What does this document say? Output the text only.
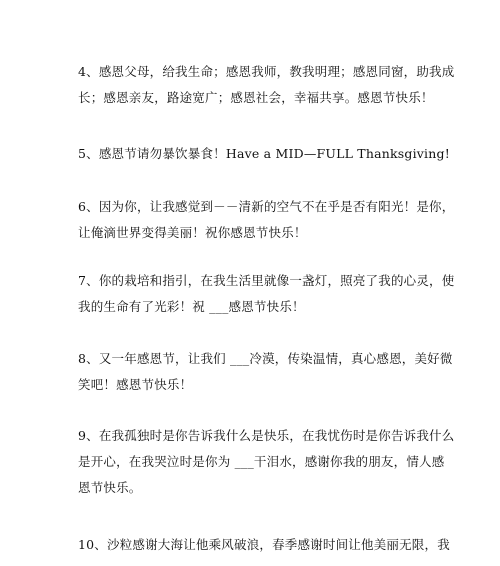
4、感恩父母，给我生命；感恩我师，教我明理；感恩同窗，助我成
长；感恩亲友，路途宽广；感恩社会，幸福共享。感恩节快乐！
5、感恩节请勿暴饮暴食！Have a MID—FULL Thanksgiving!
6、因为你，让我感觉到－－清新的空气不在乎是否有阳光！是你，
让俺滴世界变得美丽！祝你感恩节快乐！
7、你的栽培和指引，在我生活里就像一盏灯，照亮了我的心灵，使
我的生命有了光彩！祝 ___感恩节快乐！
8、又一年感恩节，让我们 ___冷漠，传染温情，真心感恩，美好微
笑吧！感恩节快乐！
9、在我孤独时是你告诉我什么是快乐，在我忧伤时是你告诉我什么
是开心，在我哭泣时是你为 ___干泪水，感谢你我的朋友，情人感
恩节快乐。
10、沙粒感谢大海让他乘风破浪，春季感谢时间让他美丽无限，我
